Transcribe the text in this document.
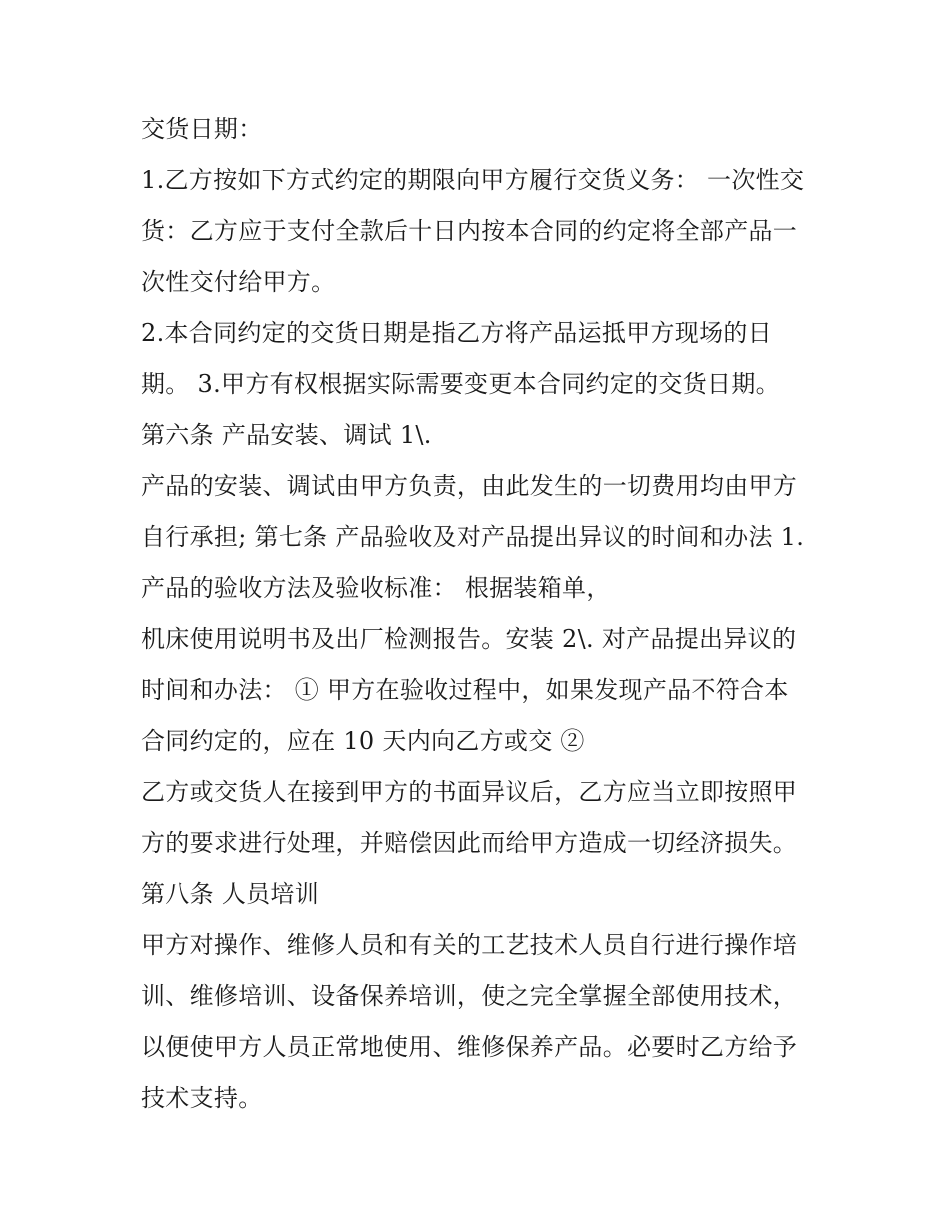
交货日期：
1.乙方按如下方式约定的期限向甲方履行交货义务： 一次性交
货：乙方应于支付全款后十日内按本合同的约定将全部产品一
次性交付给甲方。
2.本合同约定的交货日期是指乙方将产品运抵甲方现场的日
期。 3.甲方有权根据实际需要变更本合同约定的交货日期。
第六条 产品安装、调试 1\.
产品的安装、调试由甲方负责，由此发生的一切费用均由甲方
自行承担; 第七条 产品验收及对产品提出异议的时间和办法 1.
产品的验收方法及验收标准： 根据装箱单，
机床使用说明书及出厂检测报告。安装 2\. 对产品提出异议的
时间和办法： ① 甲方在验收过程中，如果发现产品不符合本
合同约定的，应在 10 天内向乙方或交 ②
乙方或交货人在接到甲方的书面异议后，乙方应当立即按照甲
方的要求进行处理，并赔偿因此而给甲方造成一切经济损失。
第八条 人员培训
甲方对操作、维修人员和有关的工艺技术人员自行进行操作培
训、维修培训、设备保养培训，使之完全掌握全部使用技术，
以便使甲方人员正常地使用、维修保养产品。必要时乙方给予
技术支持。
